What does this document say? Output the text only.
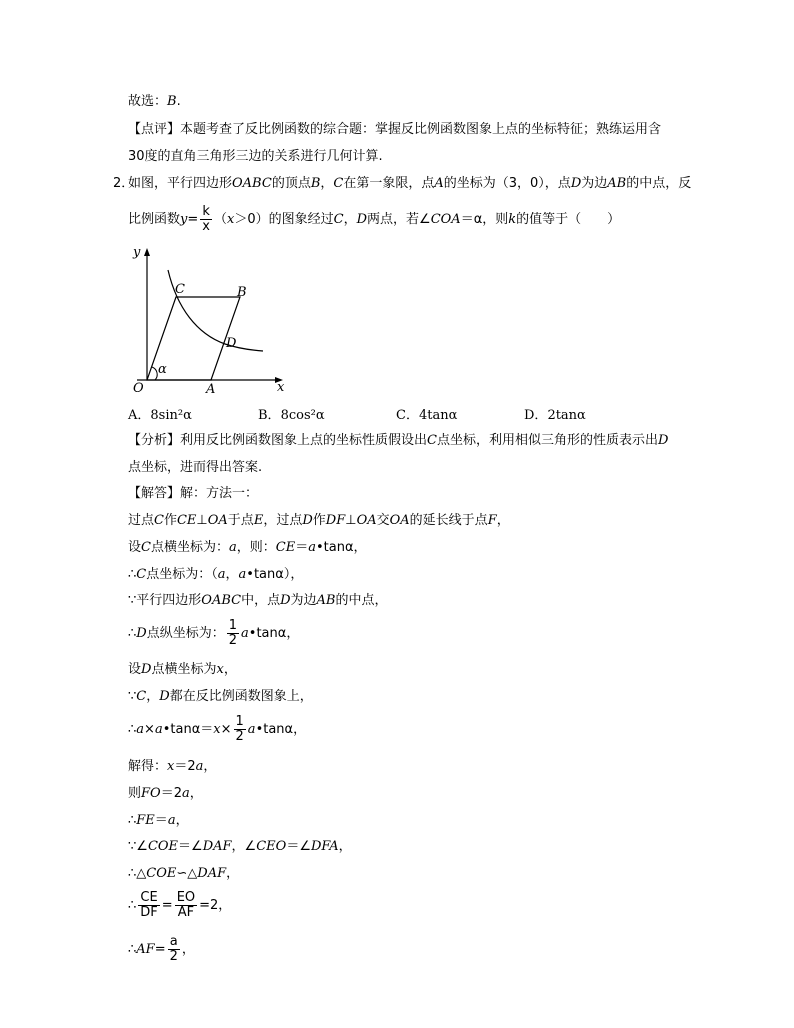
故选：B.
【点评】本题考查了反比例函数的综合题：掌握反比例函数图象上点的坐标特征；熟练运用含
30度的直角三角形三边的关系进行几何计算.
2．
如图，平行四边形OABC的顶点B，C在第一象限，点A的坐标为（3，0），点D为边AB的中点，反
比例函数$y= \frac{k}{x} (x>0)$的图象经过C，D两点，若∠COA＝α，则k的值等于（　　）
y
x
O	A
B
C
D
α
A．8sin²α	B．8cos²α	C．4tanα	D．2tanα
【分析】利用反比例函数图象上点的坐标性质假设出C点坐标，利用相似三角形的性质表示出D
点坐标，进而得出答案.
【解答】解：方法一：
过点C作CE⊥OA于点E，过点D作DF⊥OA交OA的延长线于点F，
设C点横坐标为：a，则：CE＝a•tanα，
∴C点坐标为：（a，a•tanα），
∵平行四边形OABC中，点D为边AB的中点，
∴D点纵坐标为： $\frac{1}{2}$ a•tanα，
设D点横坐标为x，
∵C，D都在反比例函数图象上，
∴a×a•tanα＝x× $\frac{1}{2}$ a•tanα，
解得：x＝2a，
则FO＝2a，
∴FE＝a，
∵∠COE＝∠DAF，∠CEO＝∠DFA，
∴△COE∽△DAF，
∴ $\frac{CE}{DF} = \frac{EO}{AF} =2$，
∴AF= $\frac{a}{2}$ ，
